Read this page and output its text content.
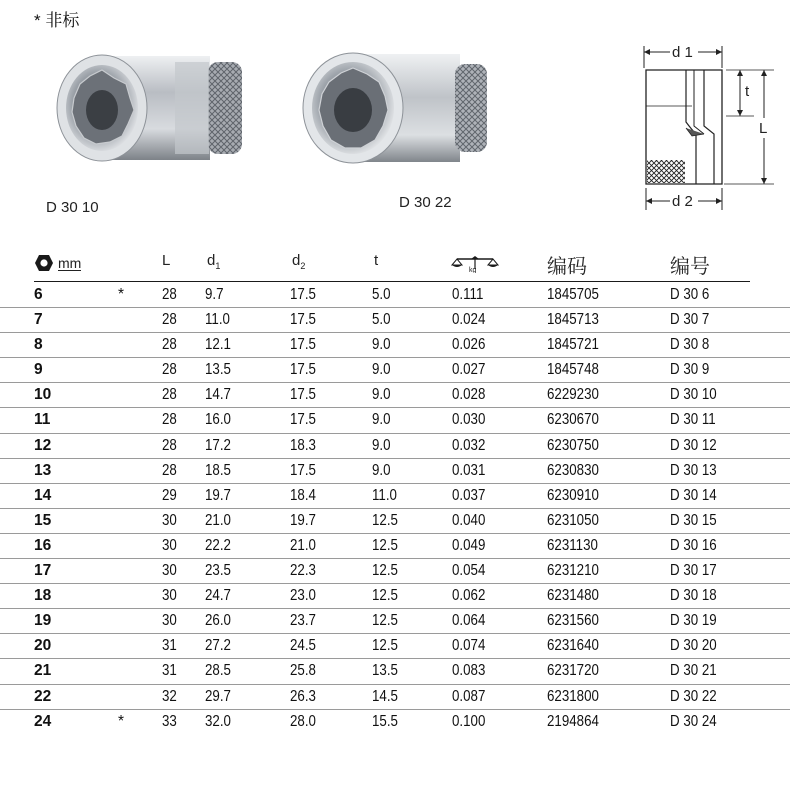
* 非标
D 30 10	D 30 22
d 1
t
L
d 2
mm	L $d_1$	$d_2$	t
kg	编码	编号
6	* 28 9.7	17.5	5.0	0.111	1845705	D 30 6
7	28 11.0	17.5	5.0	0.024	1845713	D 30 7
8	28 12.1	17.5	9.0	0.026	1845721	D 30 8
9	28 13.5	17.5	9.0	0.027	1845748	D 30 9
10	28 14.7	17.5	9.0	0.028	6229230	D 30 10
11	28 16.0	17.5	9.0	0.030	6230670	D 30 11
12	28 17.2	18.3	9.0	0.032	6230750	D 30 12
13	28 18.5	17.5	9.0	0.031	6230830	D 30 13
14	29 19.7	18.4	11.0	0.037	6230910	D 30 14
15	30 21.0	19.7	12.5	0.040	6231050	D 30 15
16	30 22.2	21.0	12.5	0.049	6231130	D 30 16
17	30 23.5	22.3	12.5	0.054	6231210	D 30 17
18	30 24.7	23.0	12.5	0.062	6231480	D 30 18
19	30 26.0	23.7	12.5	0.064	6231560	D 30 19
20	31 27.2	24.5	12.5	0.074	6231640	D 30 20
21	31 28.5	25.8	13.5	0.083	6231720	D 30 21
22	32 29.7	26.3	14.5	0.087	6231800	D 30 22
24	* 33 32.0	28.0	15.5	0.100	2194864	D 30 24
